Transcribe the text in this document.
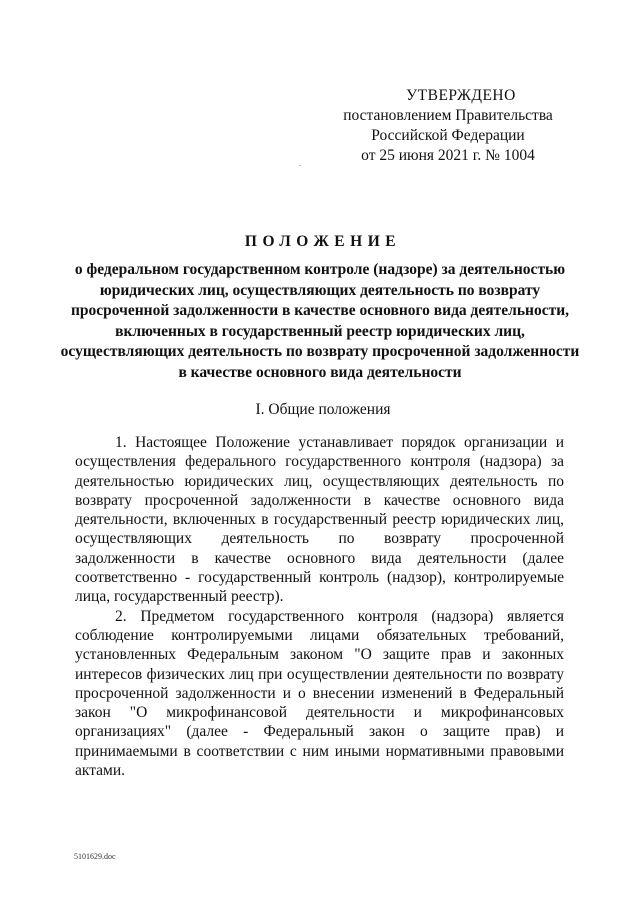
УТВЕРЖДЕНО
постановлением Правительства
Российской Федерации
от 25 июня 2021 г. № 1004
ПОЛОЖЕНИЕ
о федеральном государственном контроле (надзоре) за деятельностью юридических лиц, осуществляющих деятельность по возврату просроченной задолженности в качестве основного вида деятельности, включенных в государственный реестр юридических лиц, осуществляющих деятельность по возврату просроченной задолженности в качестве основного вида деятельности
I. Общие положения

1. Настоящее Положение устанавливает порядок организации и осуществления федерального государственного контроля (надзора) за деятельностью юридических лиц, осуществляющих деятельность по возврату просроченной задолженности в качестве основного вида деятельности, включенных в государственный реестр юридических лиц, осуществляющих деятельность по возврату просроченной задолженности в качестве основного вида деятельности (далее соответственно - государственный контроль (надзор), контролируемые лица, государственный реестр).

2. Предметом государственного контроля (надзора) является соблюдение контролируемыми лицами обязательных требований, установленных Федеральным законом "О защите прав и законных интересов физических лиц при осуществлении деятельности по возврату просроченной задолженности и о внесении изменений в Федеральный закон "О микрофинансовой деятельности и микрофинансовых организациях" (далее - Федеральный закон о защите прав) и принимаемыми в соответствии с ним иными нормативными правовыми актами.

5101629.doc
